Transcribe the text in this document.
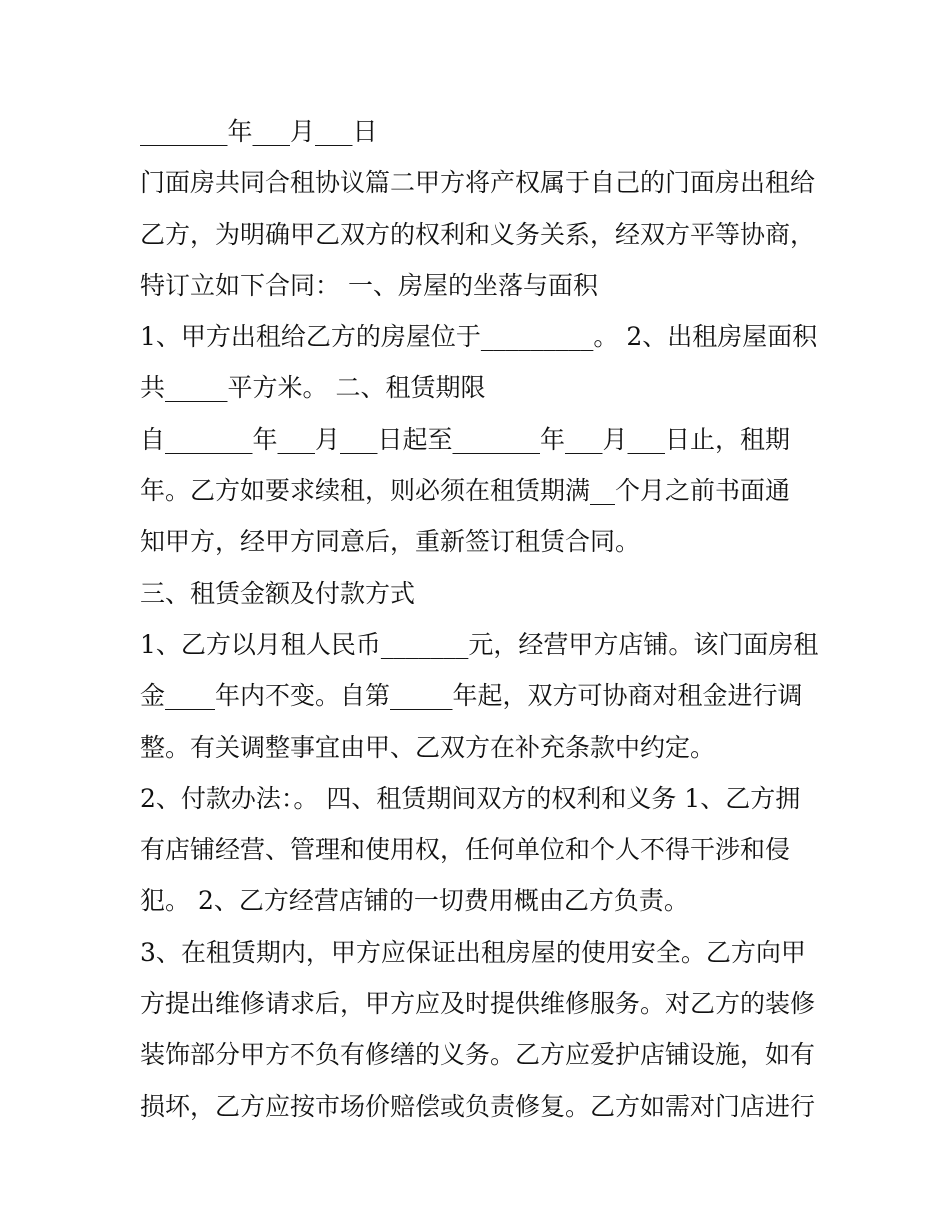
_______年___月___日
门面房共同合租协议篇二甲方将产权属于自己的门面房出租给
乙方，为明确甲乙双方的权利和义务关系，经双方平等协商，
特订立如下合同： 一、房屋的坐落与面积
1、甲方出租给乙方的房屋位于_________。 2、出租房屋面积
共_____平方米。 二、租赁期限
自_______年___月___日起至_______年___月___日止，租期
年。乙方如要求续租，则必须在租赁期满__个月之前书面通
知甲方，经甲方同意后，重新签订租赁合同。
三、租赁金额及付款方式
1、乙方以月租人民币_______元，经营甲方店铺。该门面房租
金____年内不变。自第_____年起，双方可协商对租金进行调
整。有关调整事宜由甲、乙双方在补充条款中约定。
2、付款办法：。 四、租赁期间双方的权利和义务 1、乙方拥
有店铺经营、管理和使用权，任何单位和个人不得干涉和侵
犯。 2、乙方经营店铺的一切费用概由乙方负责。
3、在租赁期内，甲方应保证出租房屋的使用安全。乙方向甲
方提出维修请求后，甲方应及时提供维修服务。对乙方的装修
装饰部分甲方不负有修缮的义务。乙方应爱护店铺设施，如有
损坏，乙方应按市场价赔偿或负责修复。乙方如需对门店进行
